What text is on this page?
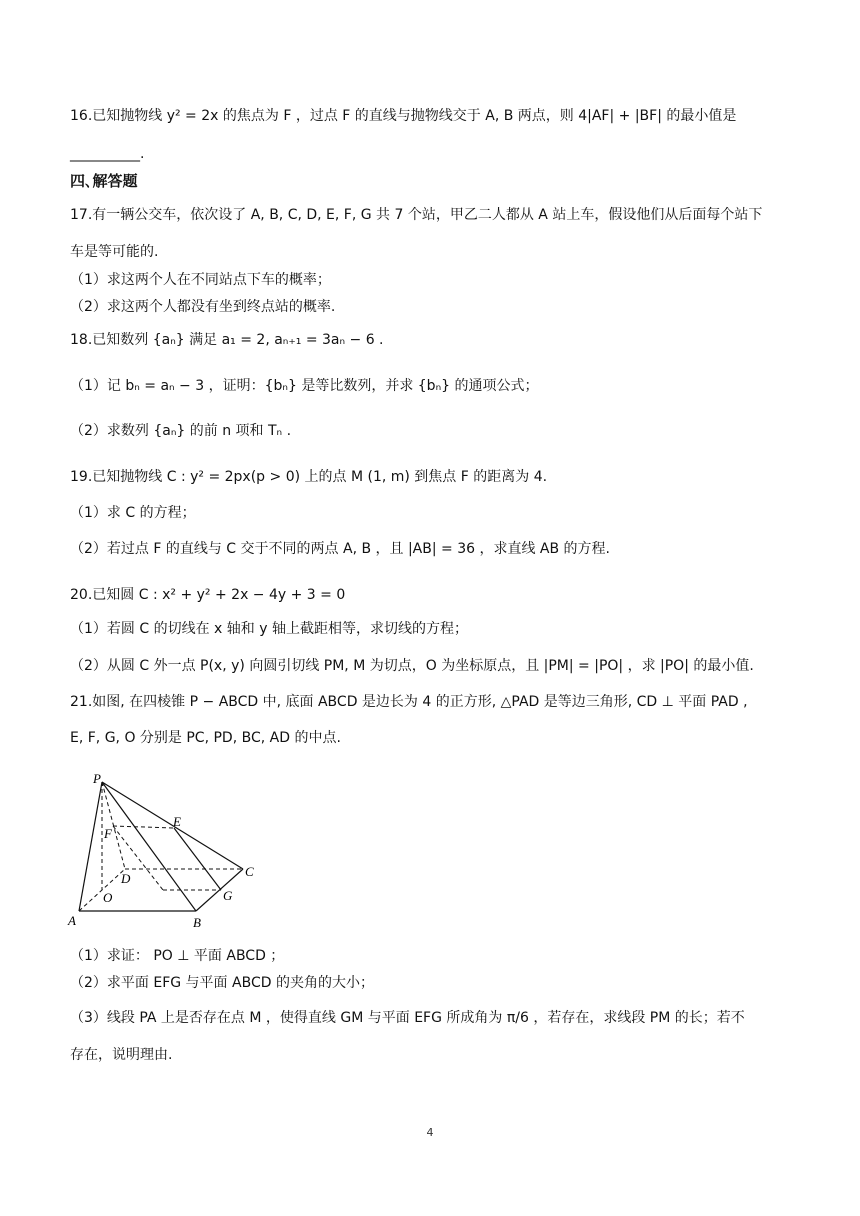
16.已知抛物线 y² = 2x 的焦点为 F ，过点 F 的直线与抛物线交于 A, B 两点，则 4|AF| + |BF| 的最小值是
__________.
四､解答题
17.有一辆公交车，依次设了 A, B, C, D, E, F, G 共 7 个站，甲乙二人都从 A 站上车，假设他们从后面每个站下
车是等可能的.
（1）求这两个人在不同站点下车的概率；
（2）求这两个人都没有坐到终点站的概率.
18.已知数列 {aₙ} 满足 a₁ = 2, aₙ₊₁ = 3aₙ − 6 .
（1）记 bₙ = aₙ − 3 ，证明：{bₙ} 是等比数列，并求 {bₙ} 的通项公式；
（2）求数列 {aₙ} 的前 n 项和 Tₙ .
19.已知抛物线 C : y² = 2px(p > 0) 上的点 M (1, m) 到焦点 F 的距离为 4.
（1）求 C 的方程；
（2）若过点 F 的直线与 C 交于不同的两点 A, B ，且 |AB| = 36 ，求直线 AB 的方程.
20.已知圆 C : x² + y² + 2x − 4y + 3 = 0
（1）若圆 C 的切线在 x 轴和 y 轴上截距相等，求切线的方程；
（2）从圆 C 外一点 P(x, y) 向圆引切线 PM, M 为切点，O 为坐标原点，且 |PM| = |PO| ，求 |PO| 的最小值.
21.如图, 在四棱锥 P − ABCD 中, 底面 ABCD 是边长为 4 的正方形, △PAD 是等边三角形, CD ⊥ 平面 PAD ,
E, F, G, O 分别是 PC, PD, BC, AD 的中点.
P
E
F
C
D
O	G
A	B
（1）求证： PO ⊥ 平面 ABCD ；
（2）求平面 EFG 与平面 ABCD 的夹角的大小；
（3）线段 PA 上是否存在点 M ，使得直线 GM 与平面 EFG 所成角为 π/6 ，若存在，求线段 PM 的长；若不
存在，说明理由.
4
